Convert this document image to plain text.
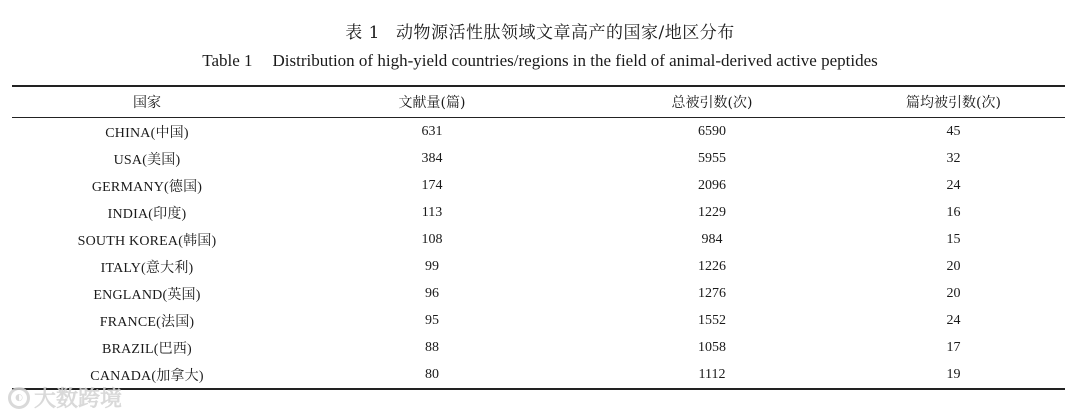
表 1 动物源活性肽领域文章高产的国家/地区分布
Table 1 Distribution of high-yield countries/regions in the field of animal-derived active peptides
国家	文献量(篇)	总被引数(次)	篇均被引数(次)
CHINA(中国)	631	6590	45
USA(美国)	384	5955	32
GERMANY(德国)	174	2096	24
INDIA(印度)	113	1229	16
SOUTH KOREA(韩国)	108	984	15
ITALY(意大利)	99	1226	20
ENGLAND(英国)	96	1276	20
FRANCE(法国)	95	1552	24
BRAZIL(巴西)	88	1058	17
CANADA(加拿大)	80	1112	19
◐ 大数跨境
